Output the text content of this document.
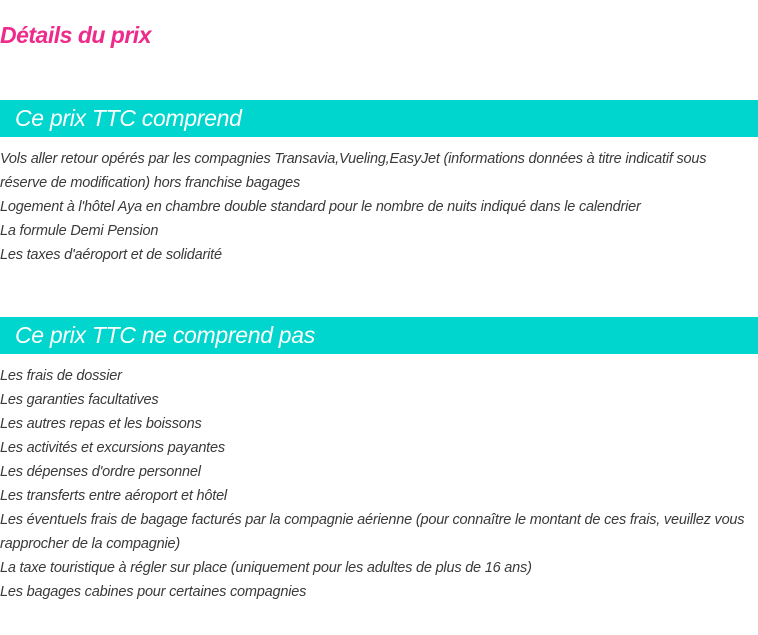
Détails du prix
Ce prix TTC comprend
Vols aller retour opérés par les compagnies Transavia,Vueling,EasyJet (informations données à titre indicatif sous réserve de modification) hors franchise bagages
Logement à l'hôtel Aya en chambre double standard pour le nombre de nuits indiqué dans le calendrier
La formule Demi Pension
Les taxes d'aéroport et de solidarité
Ce prix TTC ne comprend pas
Les frais de dossier
Les garanties facultatives
Les autres repas et les boissons
Les activités et excursions payantes
Les dépenses d'ordre personnel
Les transferts entre aéroport et hôtel
Les éventuels frais de bagage facturés par la compagnie aérienne (pour connaître le montant de ces frais, veuillez vous rapprocher de la compagnie)
La taxe touristique à régler sur place (uniquement pour les adultes de plus de 16 ans)
Les bagages cabines pour certaines compagnies
